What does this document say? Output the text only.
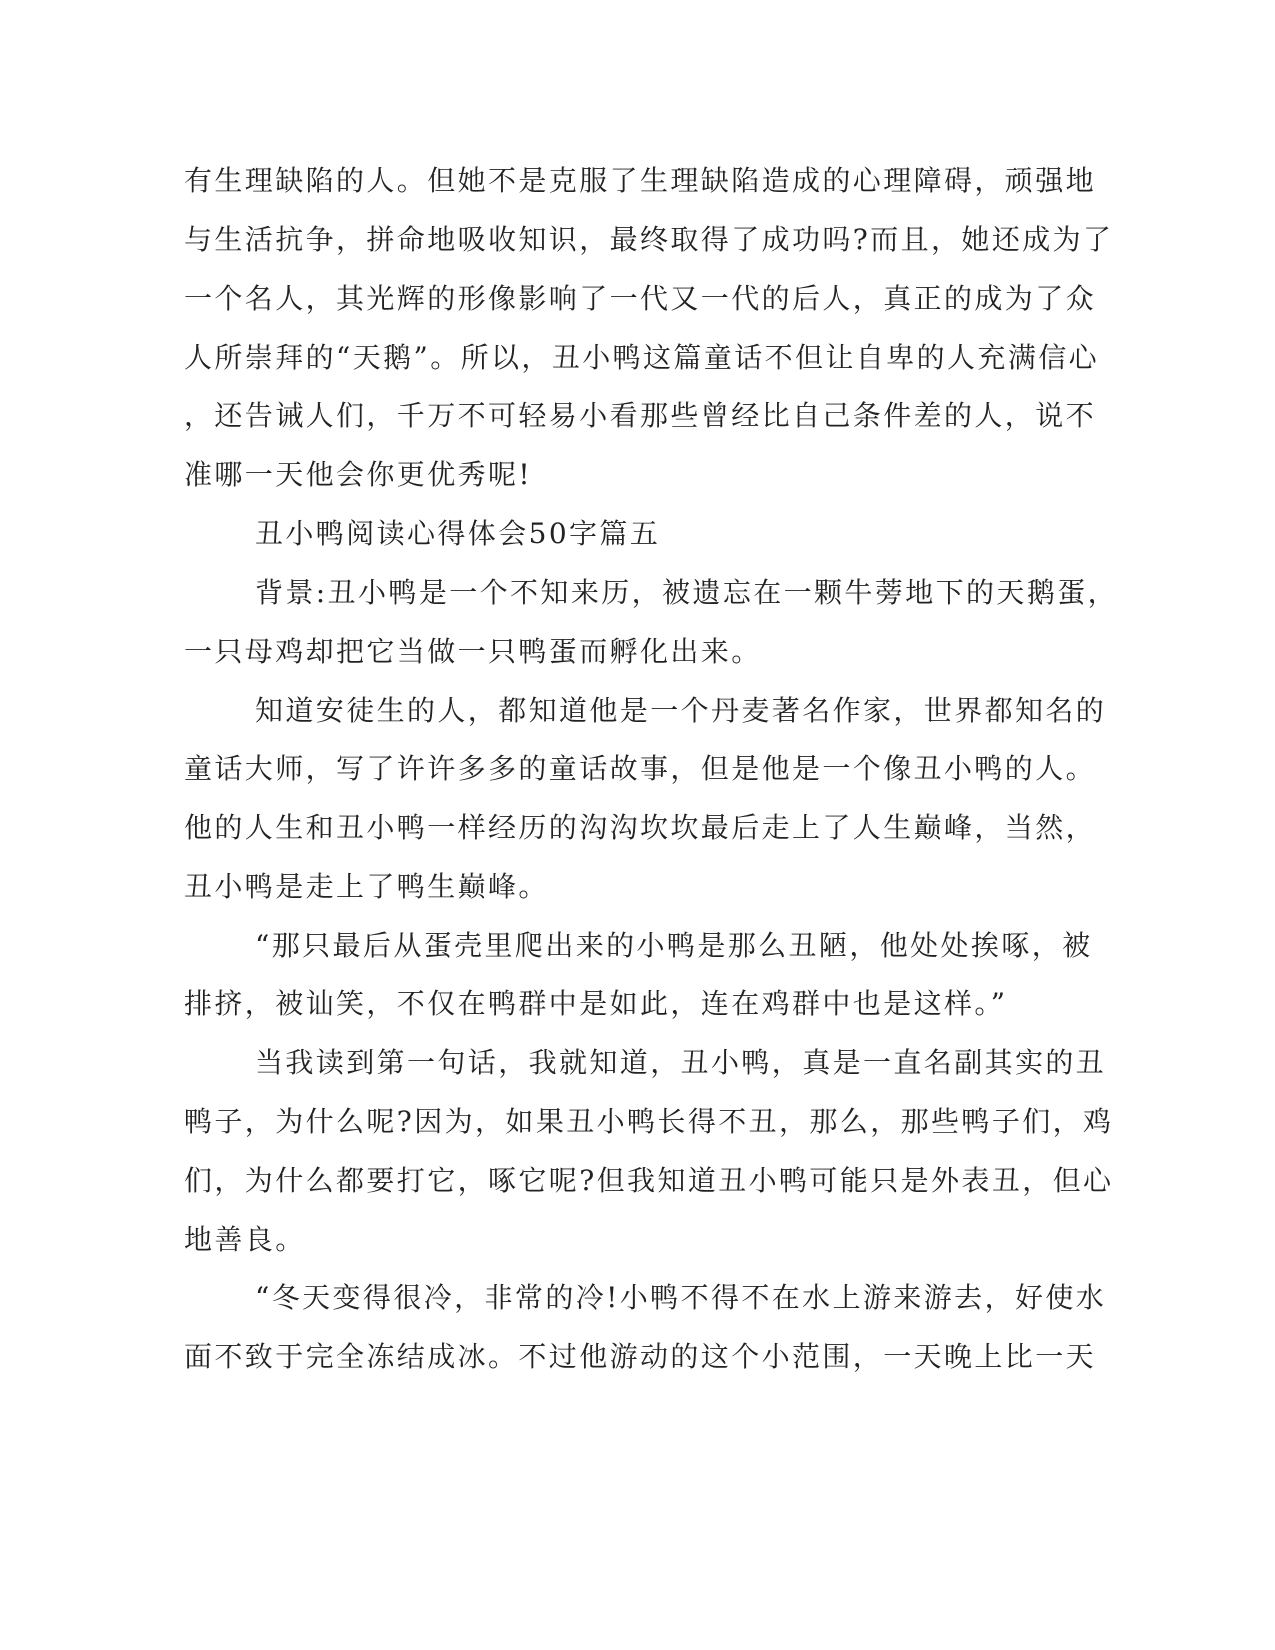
有生理缺陷的人。但她不是克服了生理缺陷造成的心理障碍，顽强地
与生活抗争，拼命地吸收知识，最终取得了成功吗?而且，她还成为了
一个名人，其光辉的形像影响了一代又一代的后人，真正的成为了众
人所崇拜的“天鹅”。所以，丑小鸭这篇童话不但让自卑的人充满信心
，还告诫人们，千万不可轻易小看那些曾经比自己条件差的人，说不
准哪一天他会你更优秀呢!
丑小鸭阅读心得体会50字篇五
背景:丑小鸭是一个不知来历，被遗忘在一颗牛蒡地下的天鹅蛋，
一只母鸡却把它当做一只鸭蛋而孵化出来。
知道安徒生的人，都知道他是一个丹麦著名作家，世界都知名的
童话大师，写了许许多多的童话故事，但是他是一个像丑小鸭的人。
他的人生和丑小鸭一样经历的沟沟坎坎最后走上了人生巅峰，当然，
丑小鸭是走上了鸭生巅峰。
“那只最后从蛋壳里爬出来的小鸭是那么丑陋，他处处挨啄，被
排挤，被讪笑，不仅在鸭群中是如此，连在鸡群中也是这样。”
当我读到第一句话，我就知道，丑小鸭，真是一直名副其实的丑
鸭子，为什么呢?因为，如果丑小鸭长得不丑，那么，那些鸭子们，鸡
们，为什么都要打它，啄它呢?但我知道丑小鸭可能只是外表丑，但心
地善良。
“冬天变得很冷，非常的冷!小鸭不得不在水上游来游去，好使水
面不致于完全冻结成冰。不过他游动的这个小范围，一天晚上比一天
